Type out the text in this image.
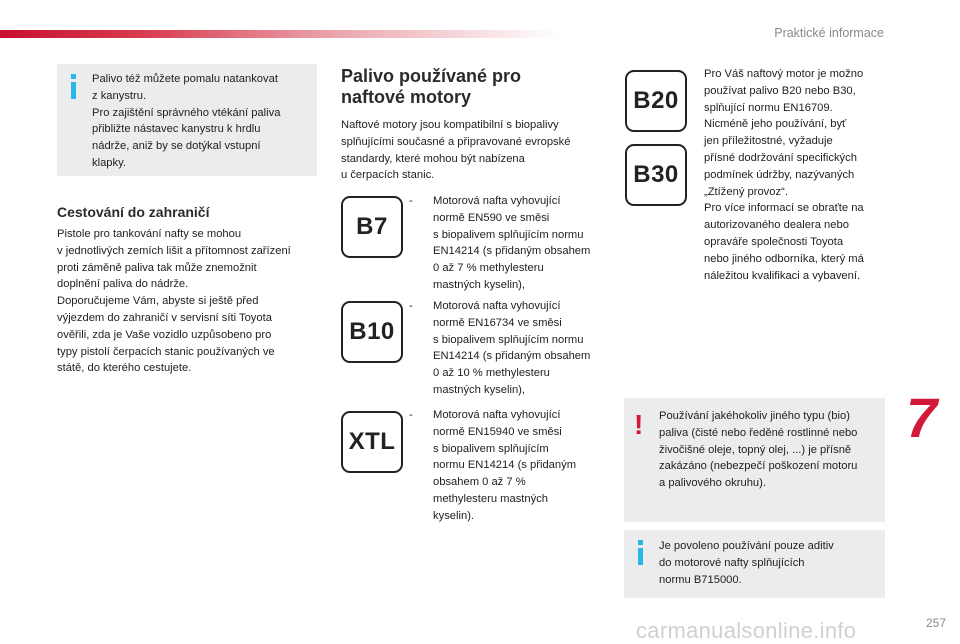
Praktické informace

Palivo též můžete pomalu natankovat
z kanystru.
Pro zajištění správného vtékání paliva
přibližte nástavec kanystru k hrdlu
nádrže, aniž by se dotýkal vstupní
klapky.

Cestování do zahraničí

Pistole pro tankování nafty se mohou
v jednotlivých zemích lišit a přítomnost zařízení
proti záměně paliva tak může znemožnit
doplnění paliva do nádrže.
Doporučujeme Vám, abyste si ještě před
výjezdem do zahraničí v servisní síti Toyota
ověřili, zda je Vaše vozidlo uzpůsobeno pro
typy pistolí čerpacích stanic používaných ve
státě, do kterého cestujete.

Palivo používané pro
naftové motory

Naftové motory jsou kompatibilní s biopalivy
splňujícími současné a připravované evropské
standardy, které mohou být nabízena
u čerpacích stanic.

B7
- Motorová nafta vyhovující
normě EN590 ve směsi
s biopalivem splňujícím normu
EN14214 (s přidaným obsahem
0 až 7 % methylesteru
mastných kyselin),

B10
- Motorová nafta vyhovující
normě EN16734 ve směsi
s biopalivem splňujícím normu
EN14214 (s přidaným obsahem
0 až 10 % methylesteru
mastných kyselin),

XTL
- Motorová nafta vyhovující
normě EN15940 ve směsi
s biopalivem splňujícím
normu EN14214 (s přidaným
obsahem 0 až 7 %
methylesteru mastných
kyselin).

B20
B30

Pro Váš naftový motor je možno
používat palivo B20 nebo B30,
splňující normu EN16709.
Nicméně jeho používání, byť
jen příležitostné, vyžaduje
přísné dodržování specifických
podmínek údržby, nazývaných
„Ztížený provoz“.
Pro více informací se obraťte na
autorizovaného dealera nebo
opraváře společnosti Toyota
nebo jiného odborníka, který má
náležitou kvalifikaci a vybavení.

! Používání jakéhokoliv jiného typu (bio)
paliva (čisté nebo ředěné rostlinné nebo
živočišné oleje, topný olej, ...) je přísně
zakázáno (nebezpečí poškození motoru
a palivového okruhu).

Je povoleno používání pouze aditiv
do motorové nafty splňujících
normu B715000.

7
carmanualsonline.info	257
